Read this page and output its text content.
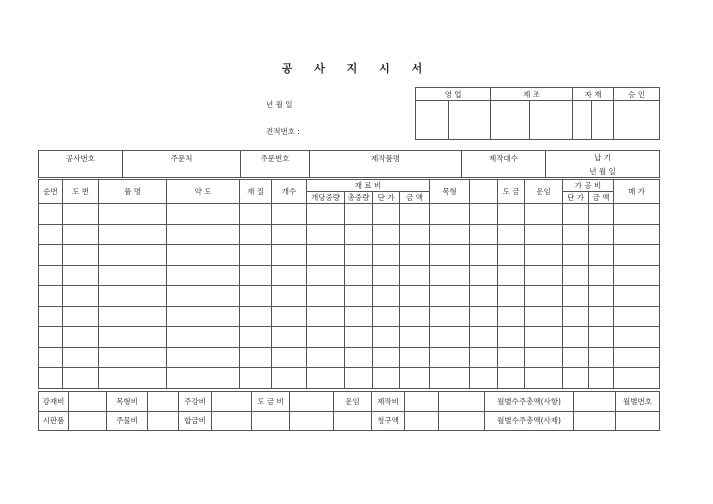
공 사 지 시 서
년 월 일
견적번호 :
영 업		제 조		자 재		승 인

공사번호	주문처	주문번호	제작품명	제작대수	납 기
년 월 일
순번	도 번	품 명	약 도	재 질	개수	재 료 비				목형		도 금	운임	가 공 비		매 가
						개당중량	총중량	단 가	금 액					단 가	금 액	

강재비		목형비		주강비		도 금 비		운임	제작비			월별수주총액(사항)		월별번호
시판품		주물비		합금비					청구액			월별수주총액(사제)		
